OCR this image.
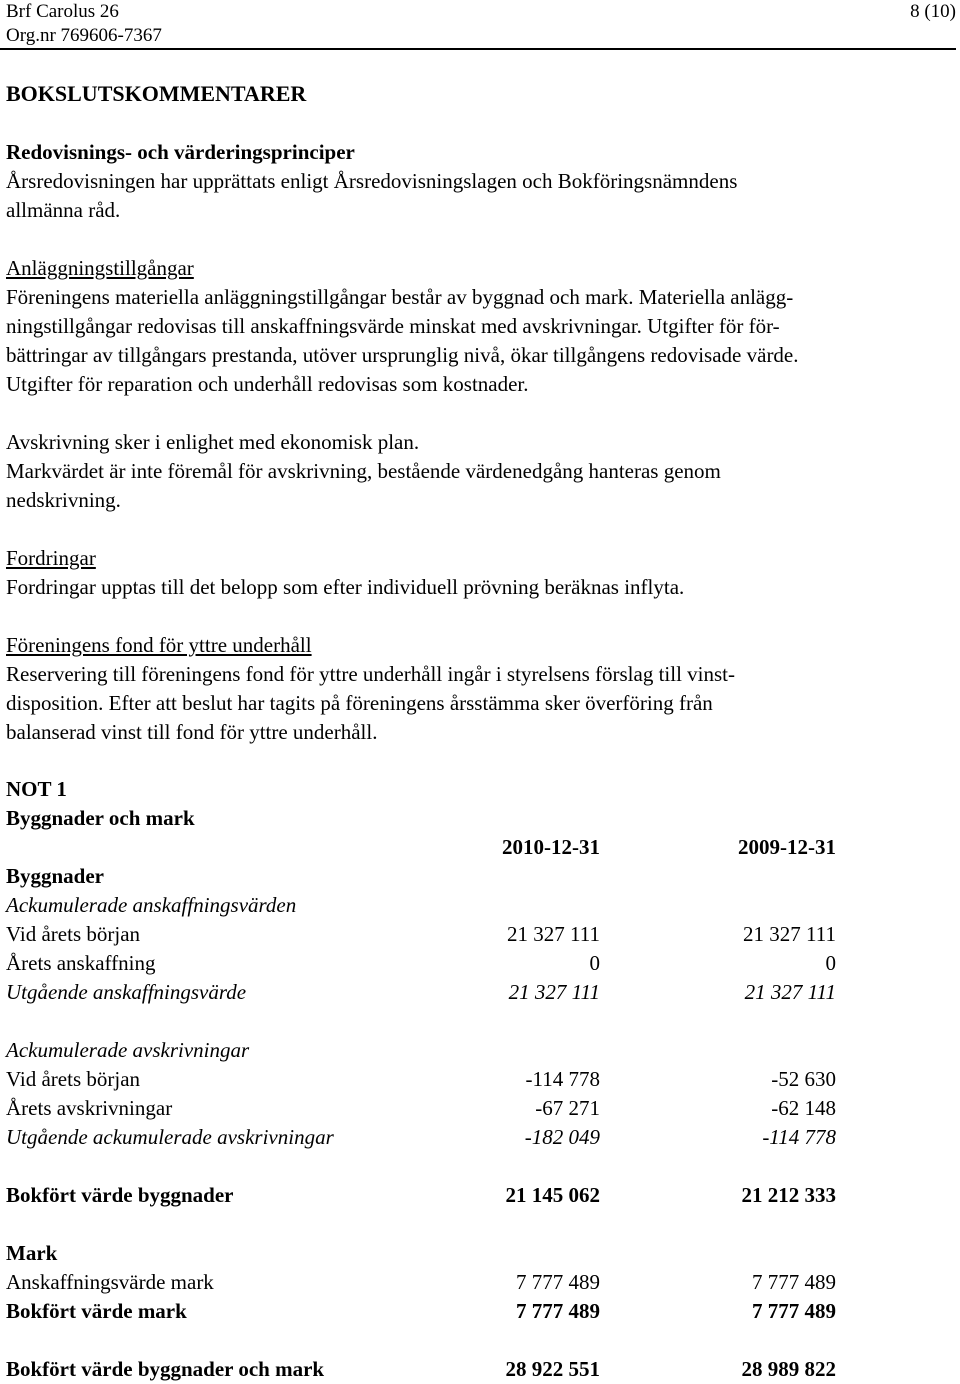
Brf Carolus 26
Org.nr 769606-7367
8 (10)
BOKSLUTSKOMMENTARER
Redovisnings- och värderingsprinciper
Årsredovisningen har upprättats enligt Årsredovisningslagen och Bokföringsnämndens
allmänna råd.
Anläggningstillgångar
Föreningens materiella anläggningstillgångar består av byggnad och mark. Materiella anlägg-
ningstillgångar redovisas till anskaffningsvärde minskat med avskrivningar. Utgifter för för-
bättringar av tillgångars prestanda, utöver ursprunglig nivå, ökar tillgångens redovisade värde.
Utgifter för reparation och underhåll redovisas som kostnader.
Avskrivning sker i enlighet med ekonomisk plan.
Markvärdet är inte föremål för avskrivning, bestående värdenedgång hanteras genom
nedskrivning.
Fordringar
Fordringar upptas till det belopp som efter individuell prövning beräknas inflyta.
Föreningens fond för yttre underhåll
Reservering till föreningens fond för yttre underhåll ingår i styrelsens förslag till vinst-
disposition. Efter att beslut har tagits på föreningens årsstämma sker överföring från
balanserad vinst till fond för yttre underhåll.
NOT 1
Byggnader och mark
2010-12-31	2009-12-31
Byggnader
Ackumulerade anskaffningsvärden
Vid årets början	21 327 111	21 327 111
Årets anskaffning	0	0
Utgående anskaffningsvärde	21 327 111	21 327 111
Ackumulerade avskrivningar
Vid årets början	-114 778	-52 630
Årets avskrivningar	-67 271	-62 148
Utgående ackumulerade avskrivningar	-182 049	-114 778
Bokfört värde byggnader	21 145 062	21 212 333
Mark
Anskaffningsvärde mark	7 777 489	7 777 489
Bokfört värde mark	7 777 489	7 777 489
Bokfört värde byggnader och mark	28 922 551	28 989 822
